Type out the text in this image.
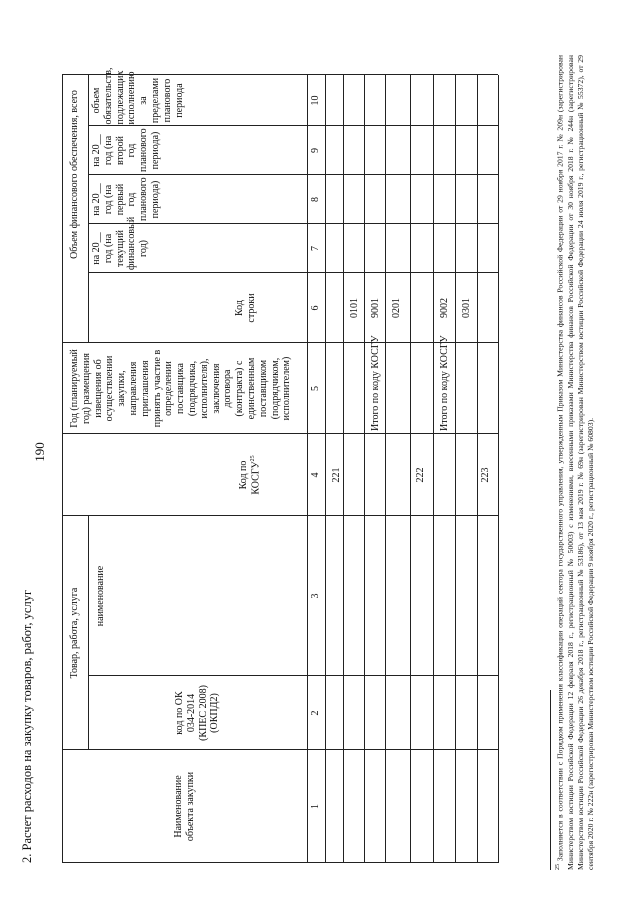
190
2. Расчет расходов на закупку товаров, работ, услуг	Наименование объекта закупки
Товар, работа, услуга
код по ОК 034-2014 (КПЕС 2008) (ОКПД2)
наименование
Код по КОСГУ$^{25}$
Год (планируемый год) размещения извещения об осуществлении закупки, направления приглашения принять участие в определении поставщика (подрядчика, исполнителя), заключения договора (контракта) с единственным поставщиком (подрядчиком, исполнителем)
Код строки
Объем финансового обеспечения, всего на 20__ год (на текущий финансовый год)
на 20__ год (на первый год планового периода)
на 20__ год (на второй год планового периода)
1
2
3
4
5
6
7
8
9
221
0101
Итого по коду КОСГУ
9001
222
0201
Итого по коду КОСГУ
9002
223
0301
$^{25}$ Заполняется в соответствии с Порядком применения классификации операций сектора государственного управления, утвержденным Приказом Министерства финансов Российской Федерации от 29 ноября 2017 г. № 209н (зарегистрирован Министерством юстиции Российской Федерации 12 февраля 2018 г., регистрационный № 50003) с изменениями, внесенными приказами Министерства финансов Российской Федерации от 30 ноября 2018 г. № 244н (зарегистрирован Министерством юстиции Российской Федерации 26 декабря 2018 г., регистрационный № 53186), от 13 мая 2019 г. № 69н (зарегистрирован Министерством юстиции Российской Федерации 24 июля 2019 г., регистрационный № 55372), от 29 сентября 2020 г. № 222н (зарегистрирован Министерством юстиции Российской Федерации 9 ноября 2020 г., регистрационный № 60803).
объем обязательств, подлежащих исполнению за пределами планового периода	10
